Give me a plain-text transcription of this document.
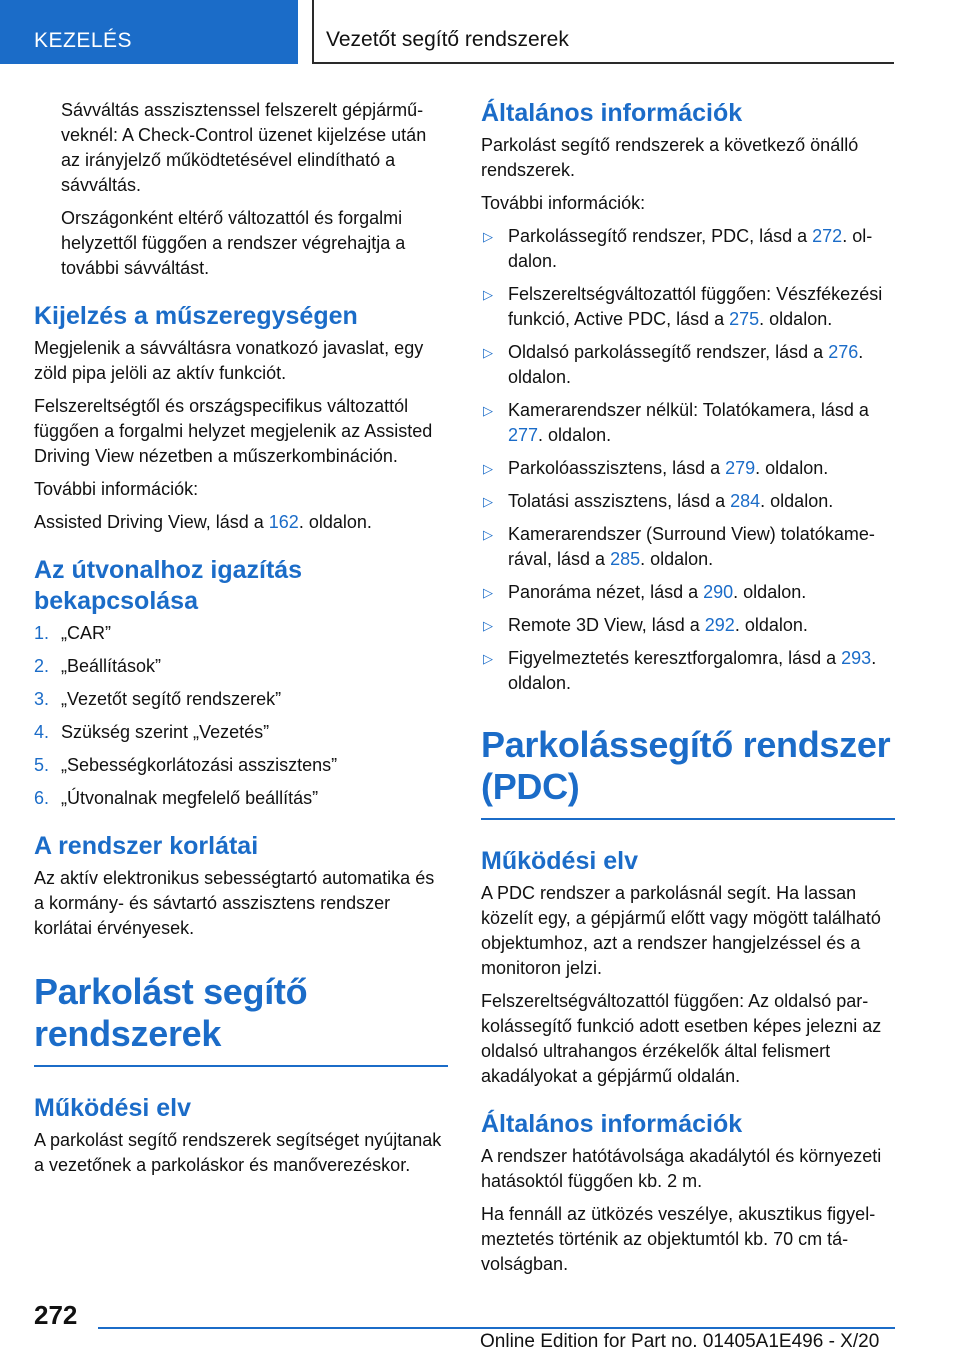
KEZELÉS	Vezetőt segítő rendszerek

Sávváltás asszisztenssel felszerelt gépjárműveknél: A Check-Control üzenet kijelzése után az irányjelző működtetésével elindítható a sávváltás.

Országonként eltérő változattól és forgalmi helyzettől függően a rendszer végrehajtja a további sávváltást.

Kijelzés a műszeregységen

Megjelenik a sávváltásra vonatkozó javaslat, egy zöld pipa jelöli az aktív funkciót.

Felszereltségtől és országspecifikus változattól függően a forgalmi helyzet megjelenik az Assisted Driving View nézetben a műszerkombináción.

További információk:

Assisted Driving View, lásd a 162. oldalon.

Az útvonalhoz igazítás bekapcsolása
1. „CAR”
2. „Beállítások”
3. „Vezetőt segítő rendszerek”
4. Szükség szerint „Vezetés”
5. „Sebességkorlátozási asszisztens”
6. „Útvonalnak megfelelő beállítás”
A rendszer korlátai

Az aktív elektronikus sebességtartó automatika és a kormány- és sávtartó asszisztens rendszer korlátai érvényesek.

Parkolást segítő rendszerek
Működési elv

A parkolást segítő rendszerek segítséget nyújtanak a vezetőnek a parkoláskor és manőverezéskor.

Általános információk

Parkolást segítő rendszerek a következő önálló rendszerek.

További információk:

▷ Parkolássegítő rendszer, PDC, lásd a 272. oldalon.
▷ Felszereltségváltozattól függően: Vészfékezési funkció, Active PDC, lásd a 275. oldalon.
▷ Oldalsó parkolássegítő rendszer, lásd a 276. oldalon.
▷ Kamerarendszer nélkül: Tolatókamera, lásd a 277. oldalon.
▷ Parkolóasszisztens, lásd a 279. oldalon.
▷ Tolatási asszisztens, lásd a 284. oldalon.
▷ Kamerarendszer (Surround View) tolatókamerával, lásd a 285. oldalon.
▷ Panoráma nézet, lásd a 290. oldalon.
▷ Remote 3D View, lásd a 292. oldalon.
▷ Figyelmeztetés keresztforgalomra, lásd a 293. oldalon.
Parkolássegítő rendszer (PDC)
Működési elv

A PDC rendszer a parkolásnál segít. Ha lassan közelít egy, a gépjármű előtt vagy mögött található objektumhoz, azt a rendszer hangjelzéssel és a monitoron jelzi.

Felszereltségváltozattól függően: Az oldalsó parkolássegítő funkció adott esetben képes jelezni az oldalsó ultrahangos érzékelők által felismert akadályokat a gépjármű oldalán.

Általános információk

A rendszer hatótávolsága akadálytól és környezeti hatásoktól függően kb. 2 m.

Ha fennáll az ütközés veszélye, akusztikus figyelmeztetés történik az objektumtól kb. 70 cm távolságban.

272
Online Edition for Part no. 01405A1E496 - X/20
